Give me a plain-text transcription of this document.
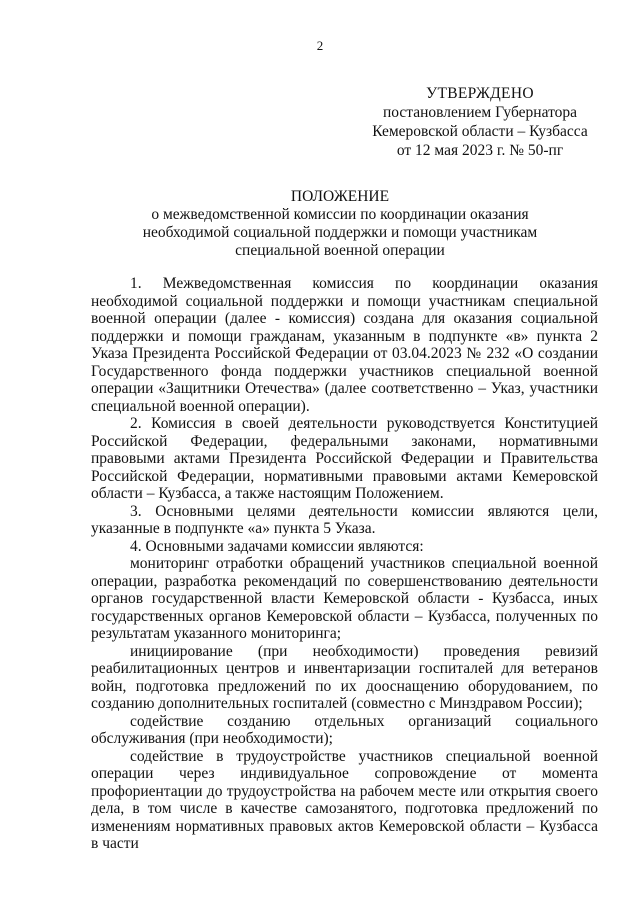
2
УТВЕРЖДЕНО
постановлением Губернатора
Кемеровской области – Кузбасса
от 12 мая 2023 г. № 50-пг
ПОЛОЖЕНИЕ
о межведомственной комиссии по координации оказания
необходимой социальной поддержки и помощи участникам
специальной военной операции

1. Межведомственная комиссия по координации оказания необходимой социальной поддержки и помощи участникам специальной военной операции (далее - комиссия) создана для оказания социальной поддержки и помощи гражданам, указанным в подпункте «в» пункта 2 Указа Президента Российской Федерации от 03.04.2023 № 232 «О создании Государственного фонда поддержки участников специальной военной операции «Защитники Отечества» (далее соответственно – Указ, участники специальной военной операции).

2. Комиссия в своей деятельности руководствуется Конституцией Российской Федерации, федеральными законами, нормативными правовыми актами Президента Российской Федерации и Правительства Российской Федерации, нормативными правовыми актами Кемеровской области – Кузбасса, а также настоящим Положением.

3. Основными целями деятельности комиссии являются цели, указанные в подпункте «а» пункта 5 Указа.

4. Основными задачами комиссии являются:

мониторинг отработки обращений участников специальной военной операции, разработка рекомендаций по совершенствованию деятельности органов государственной власти Кемеровской области - Кузбасса, иных государственных органов Кемеровской области – Кузбасса, полученных по результатам указанного мониторинга;

инициирование (при необходимости) проведения ревизий реабилитационных центров и инвентаризации госпиталей для ветеранов войн, подготовка предложений по их дооснащению оборудованием, по созданию дополнительных госпиталей (совместно с Минздравом России);

содействие созданию отдельных организаций социального обслуживания (при необходимости);

содействие в трудоустройстве участников специальной военной операции через индивидуальное сопровождение от момента профориентации до трудоустройства на рабочем месте или открытия своего дела, в том числе в качестве самозанятого, подготовка предложений по изменениям нормативных правовых актов Кемеровской области – Кузбасса в части
